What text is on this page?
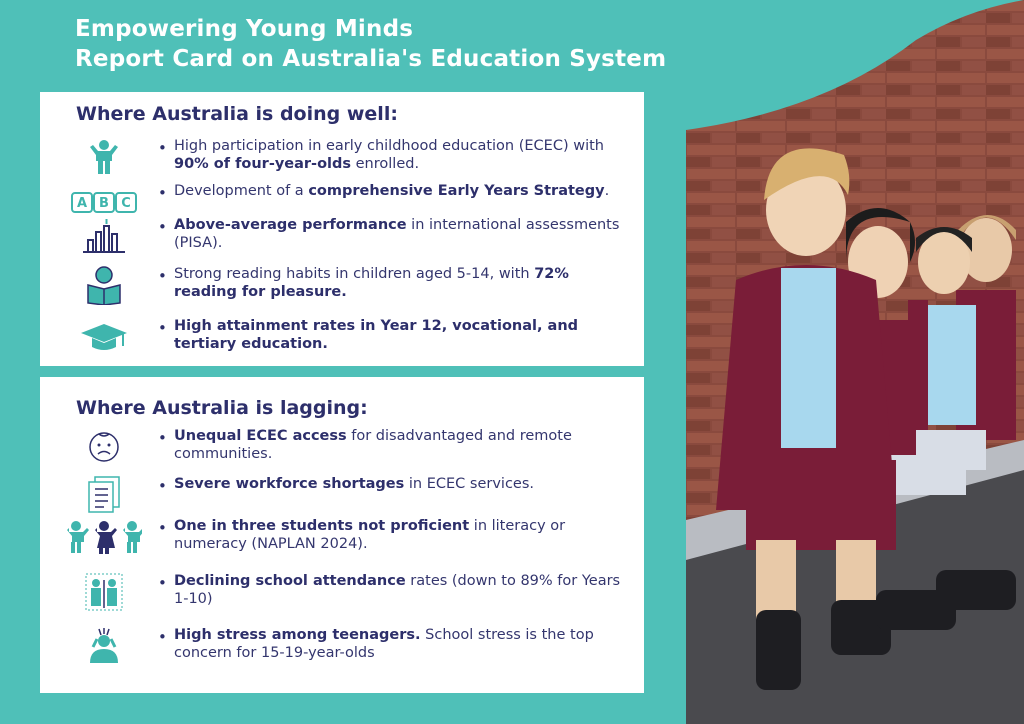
Empowering Young Minds
Report Card on Australia's Education System
Where Australia is doing well:
• High participation in early childhood education (ECEC) with 90% of four-year-olds enrolled.
A B C
• Development of a comprehensive Early Years Strategy.
• Above-average performance in international assessments (PISA).
• Strong reading habits in children aged 5-14, with 72% reading for pleasure.
• High attainment rates in Year 12, vocational, and tertiary education.
Where Australia is lagging:
• Unequal ECEC access for disadvantaged and remote communities.
• Severe workforce shortages in ECEC services.
• One in three students not proficient in literacy or numeracy (NAPLAN 2024).
• Declining school attendance rates (down to 89% for Years 1-10)
• High stress among teenagers. School stress is the top concern for 15-19-year-olds
